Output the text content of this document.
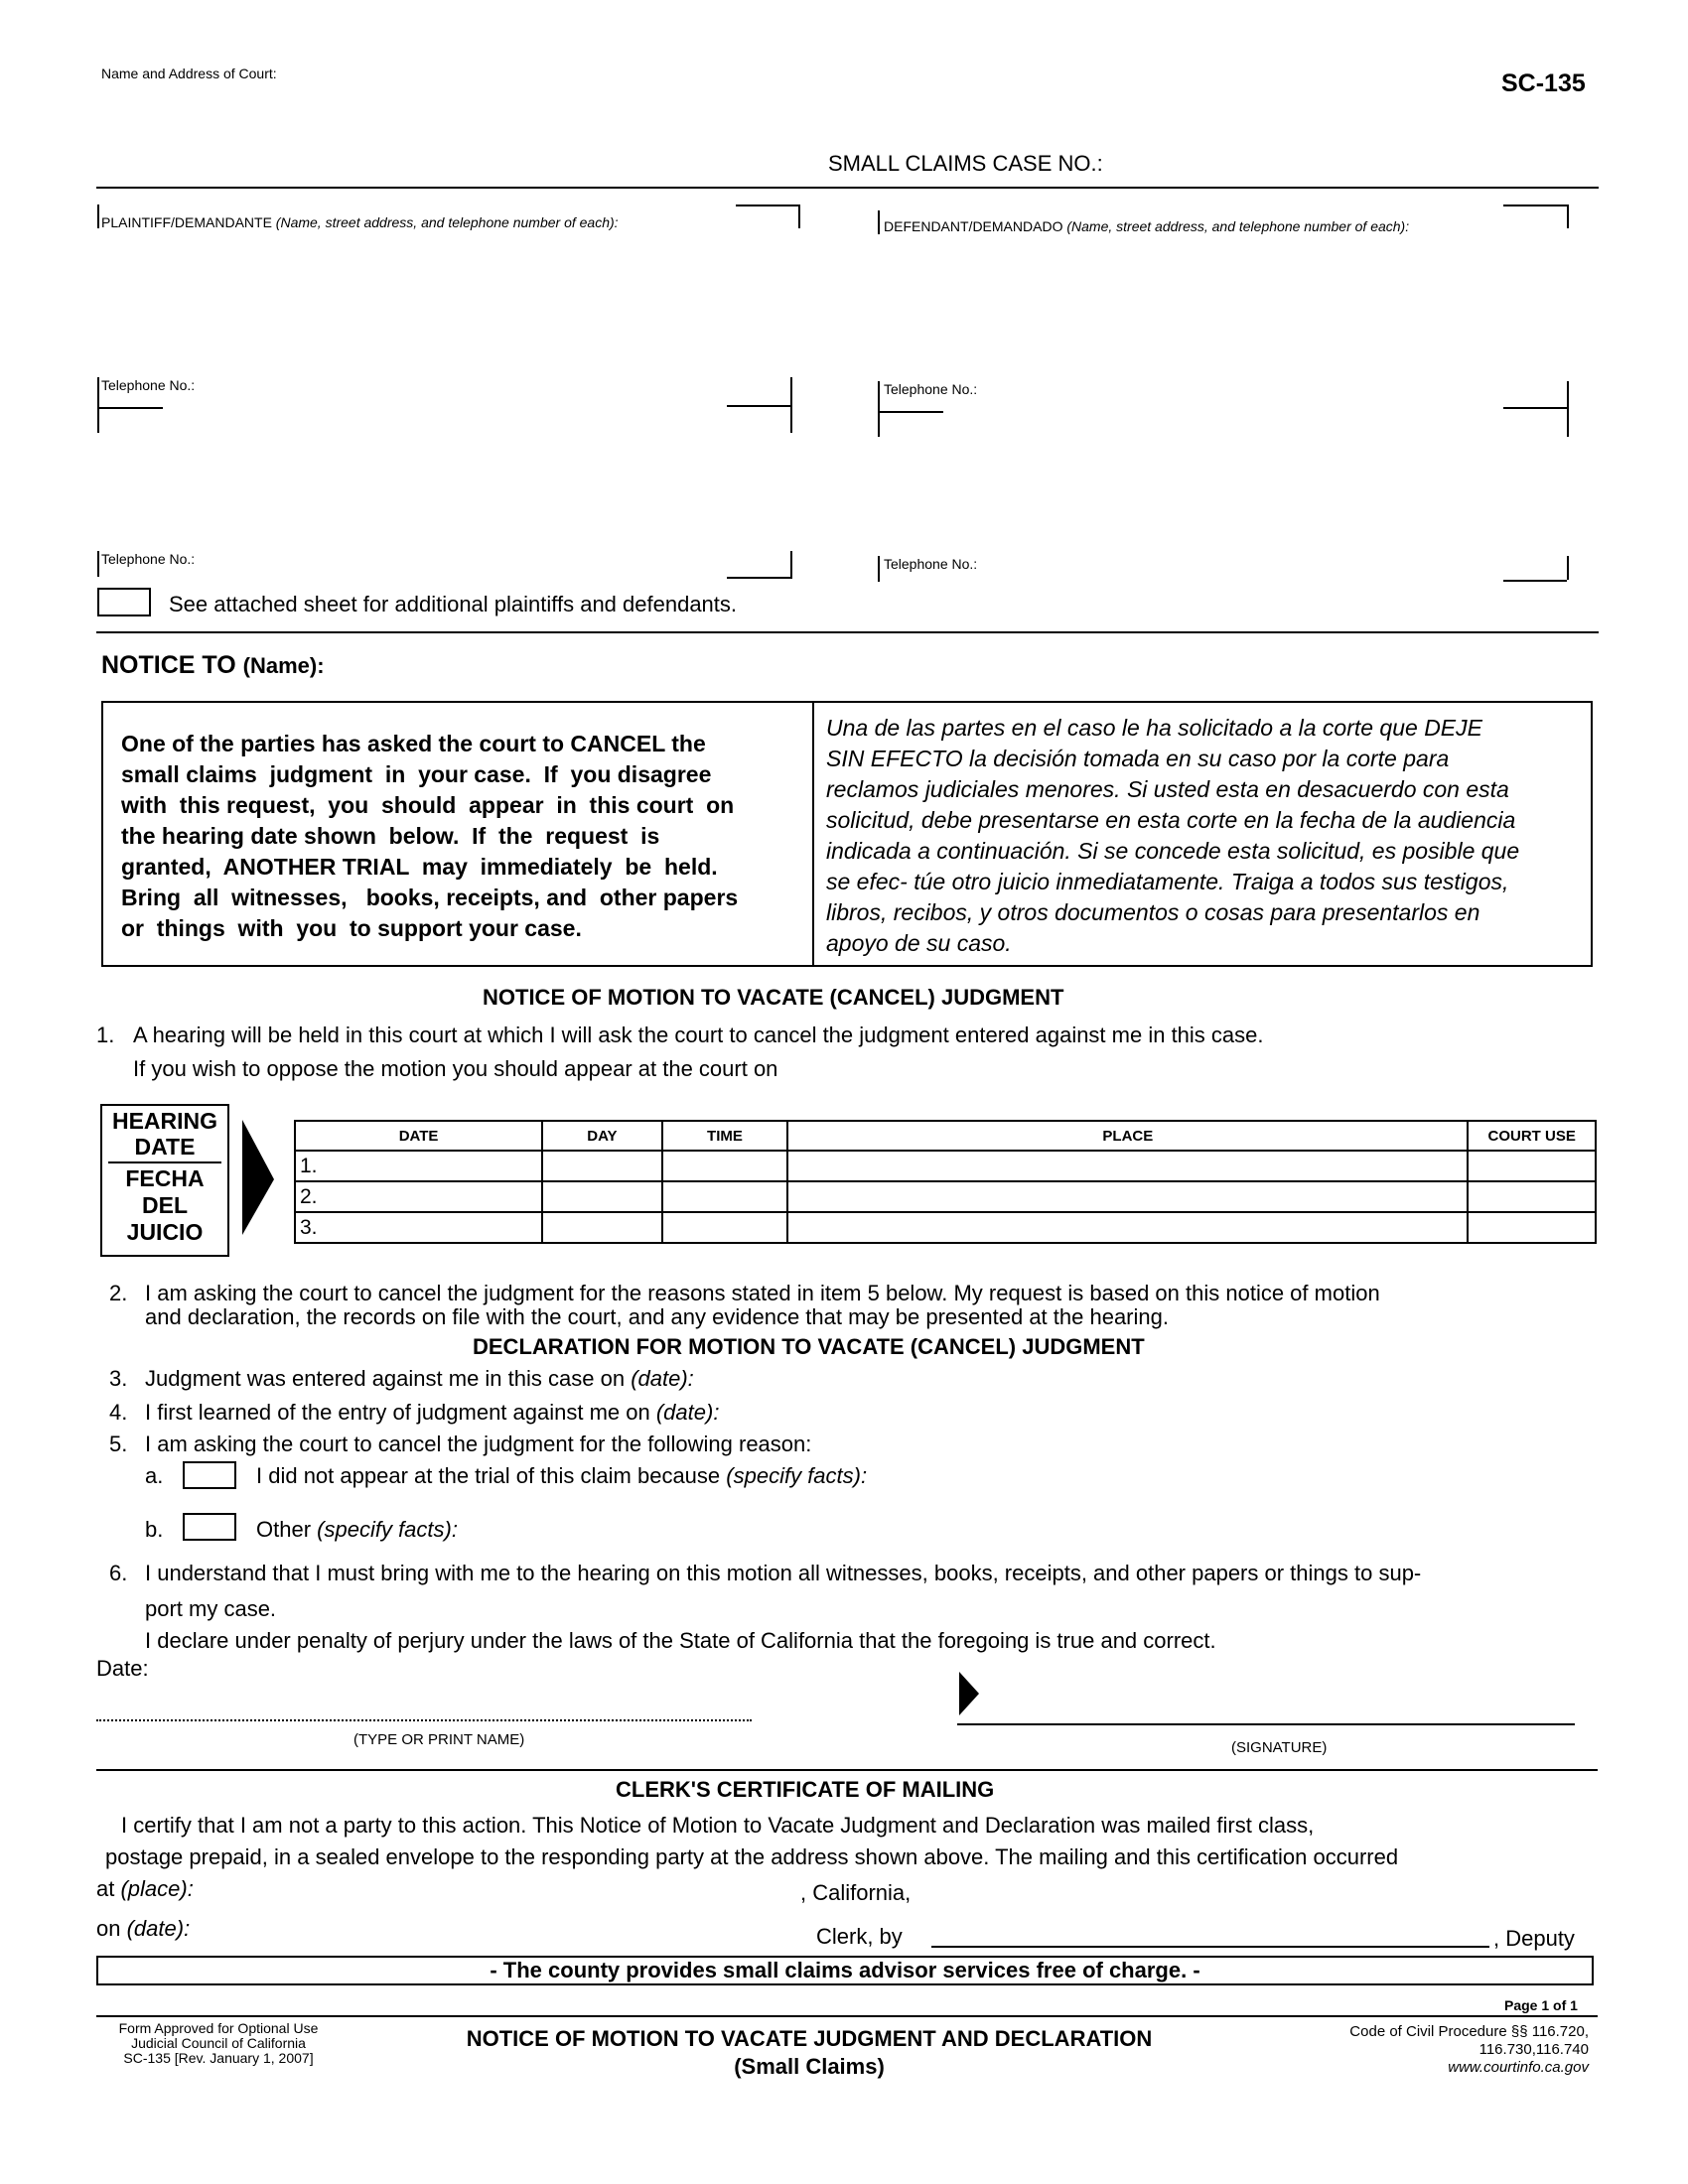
Name and Address of Court:	SC-135
SMALL CLAIMS CASE NO.:
PLAINTIFF/DEMANDANTE (Name, street address, and telephone number of each):	DEFENDANT/DEMANDADO (Name, street address, and telephone number of each):
Telephone No.:
Telephone No.:
Telephone No.:
Telephone No.:
See attached sheet for additional plaintiffs and defendants.
NOTICE TO (Name):
One of the parties has asked the court to CANCEL the
small claims  judgment  in  your case.  If  you disagree
with  this request,  you  should  appear  in  this court  on
the hearing date shown  below.  If  the  request  is
granted,  ANOTHER TRIAL  may  immediately  be  held.
Bring  all  witnesses,   books, receipts, and  other papers
or  things  with  you  to support your case.
Una de las partes en el caso le ha solicitado a la corte que DEJE
SIN EFECTO la decisión tomada en su caso por la corte para
reclamos judiciales menores. Si usted esta en desacuerdo con esta
solicitud, debe presentarse en esta corte en la fecha de la audiencia
indicada a continuación. Si se concede esta solicitud, es posible que
se efec- túe otro juicio inmediatamente. Traiga a todos sus testigos,
libros, recibos, y otros documentos o cosas para presentarlos en
apoyo de su caso.
NOTICE OF MOTION TO VACATE (CANCEL) JUDGMENT
1. A hearing will be held in this court at which I will ask the court to cancel the judgment entered against me in this case.
If you wish to oppose the motion you should appear at the court on
HEARING
DATE
FECHA
DEL
JUICIO
DATE	DAY	TIME	PLACE	COURT USE
1.				
2.				
3.				
2. I am asking the court to cancel the judgment for the reasons stated in item 5 below. My request is based on this notice of motion
and declaration, the records on file with the court, and any evidence that may be presented at the hearing.
DECLARATION FOR MOTION TO VACATE (CANCEL) JUDGMENT
3. Judgment was entered against me in this case on (date):
4. I first learned of the entry of judgment against me on (date):
5. I am asking the court to cancel the judgment for the following reason:
a.	I did not appear at the trial of this claim because (specify facts):
b.	Other (specify facts):
6. I understand that I must bring with me to the hearing on this motion all witnesses, books, receipts, and other papers or things to sup-
port my case.
I declare under penalty of perjury under the laws of the State of California that the foregoing is true and correct.
Date:
(TYPE OR PRINT NAME)	(SIGNATURE)
CLERK'S CERTIFICATE OF MAILING
I certify that I am not a party to this action. This Notice of Motion to Vacate Judgment and Declaration was mailed first class,
postage prepaid, in a sealed envelope to the responding party at the address shown above. The mailing and this certification occurred
at (place):	, California,
on (date):	Clerk, by	, Deputy
- The county provides small claims advisor services free of charge. -
Page 1 of 1
Form Approved for Optional Use
Judicial Council of California
SC-135 [Rev. January 1, 2007]
NOTICE OF MOTION TO VACATE JUDGMENT AND DECLARATION
(Small Claims)
Code of Civil Procedure §§ 116.720,
116.730,116.740
www.courtinfo.ca.gov
